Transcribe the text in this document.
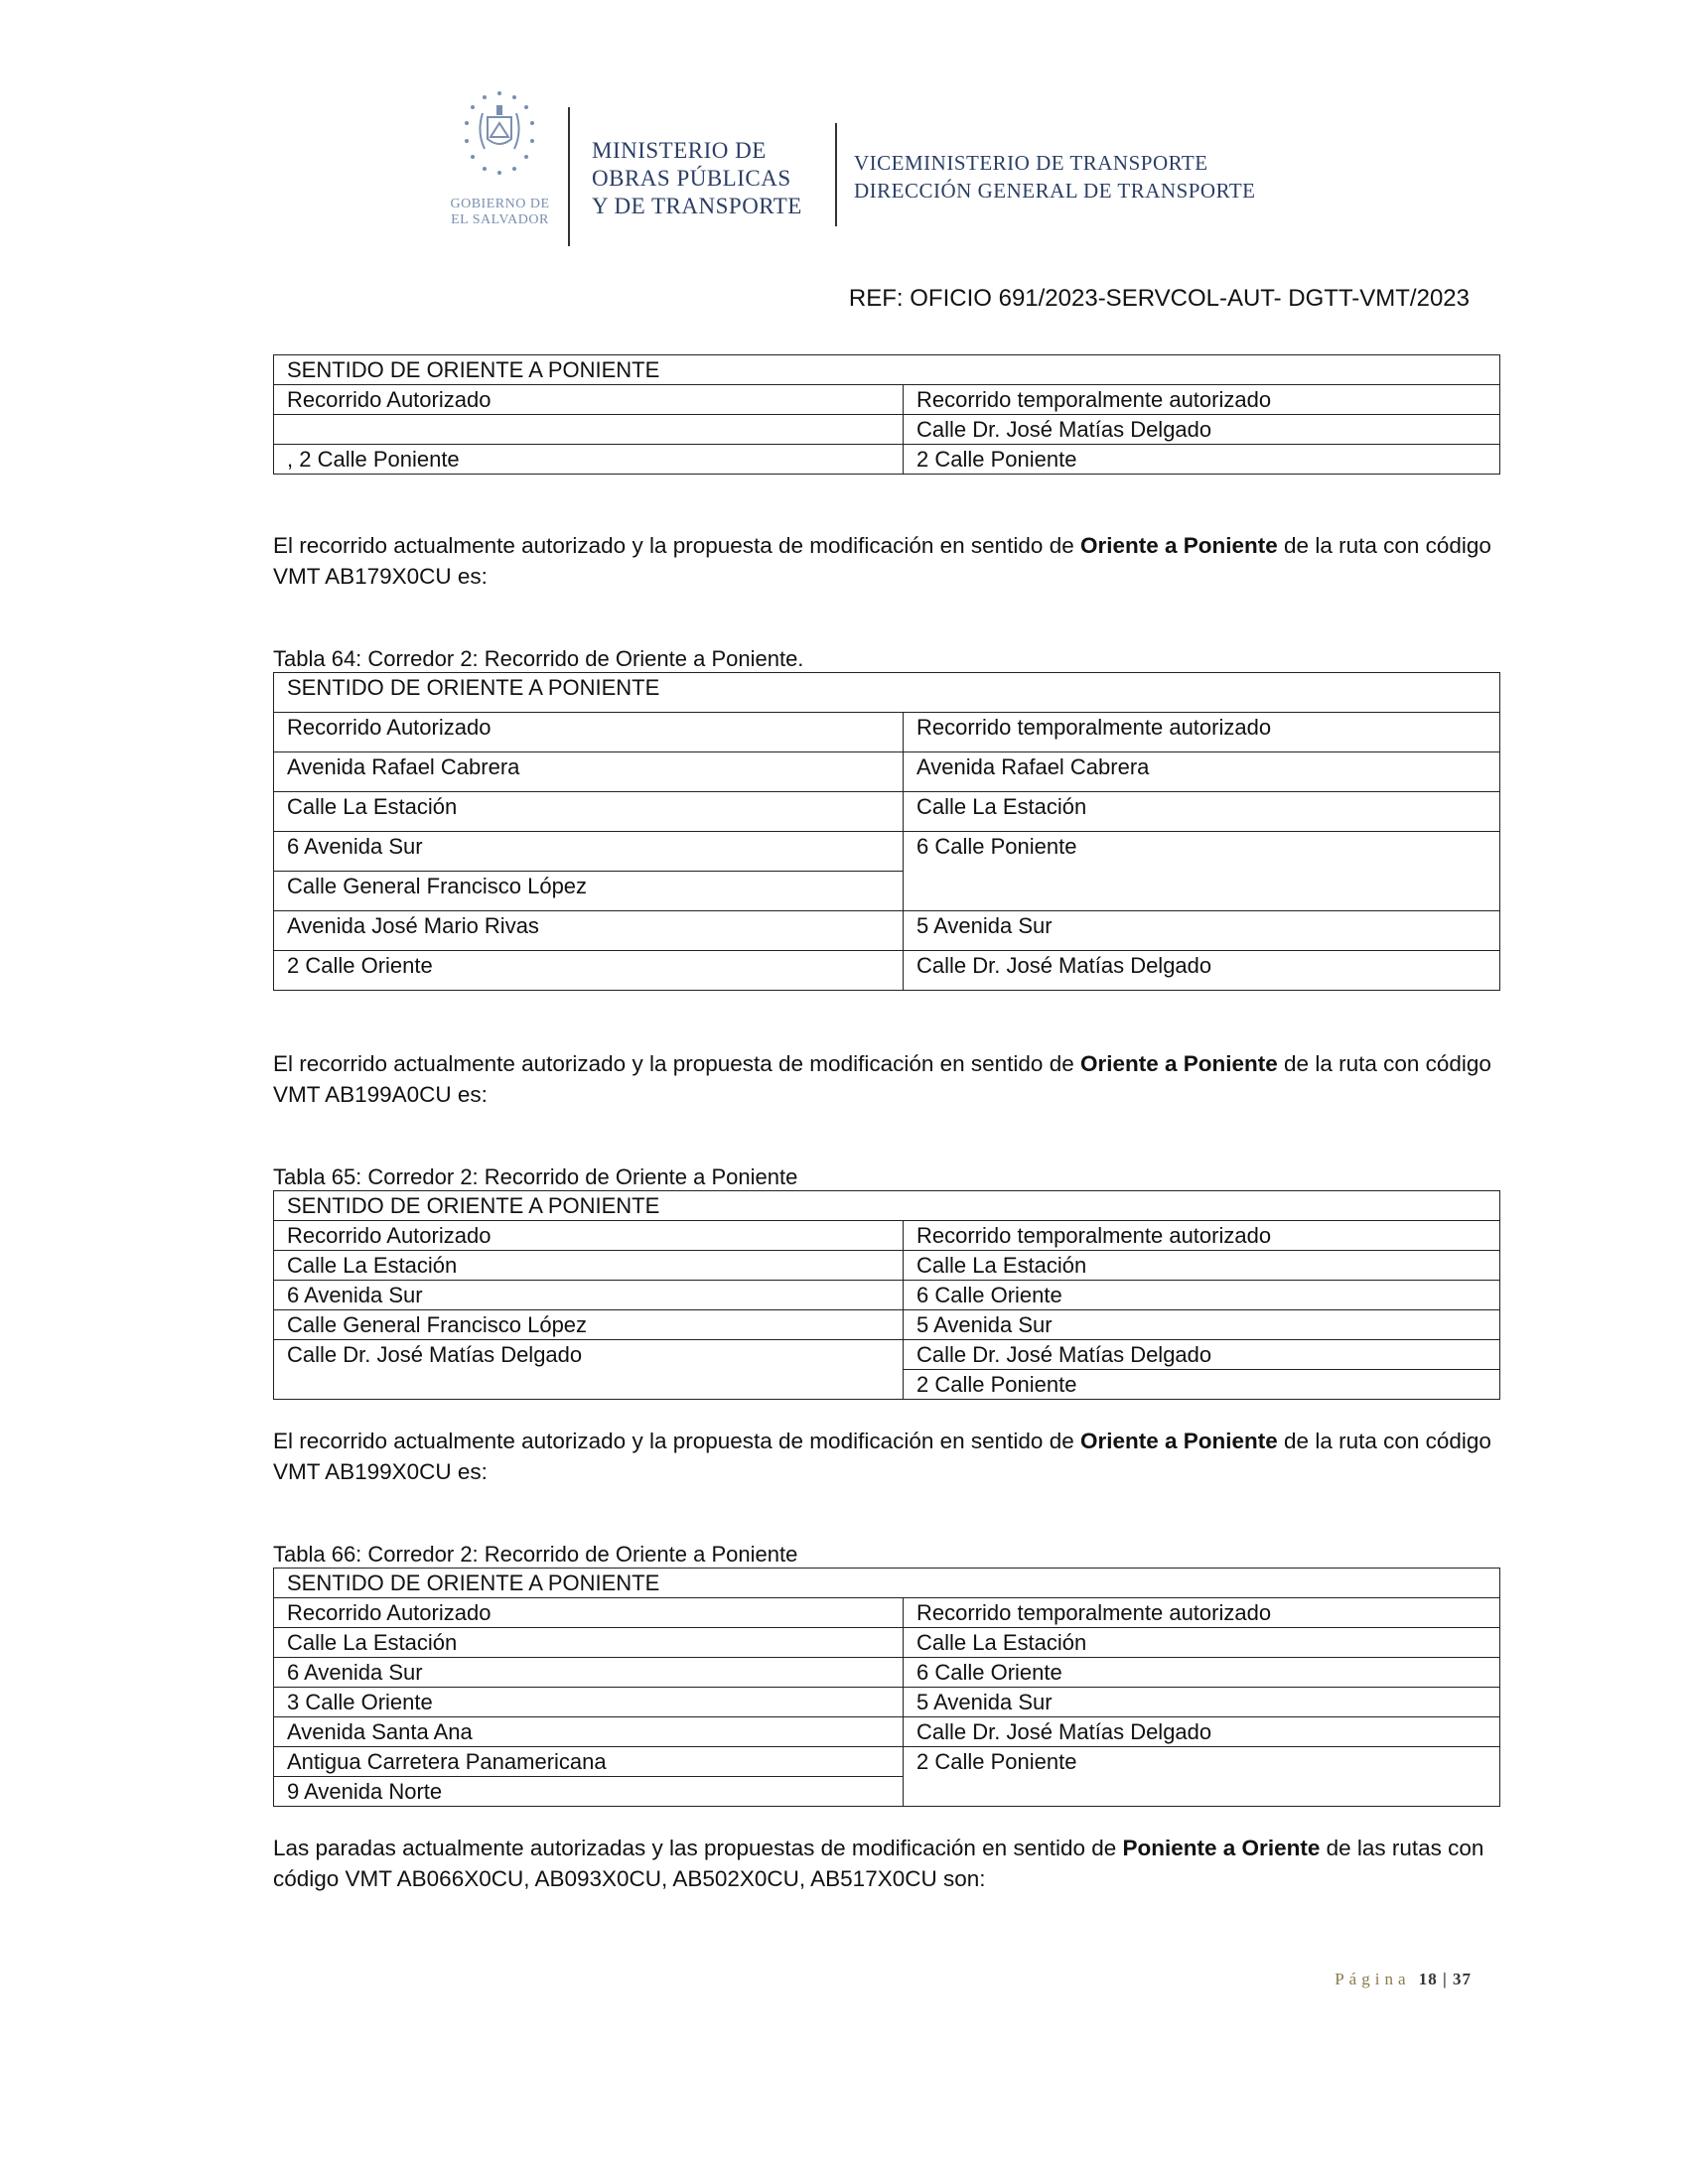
GOBIERNO DE
EL SALVADOR
MINISTERIO DE
OBRAS PÚBLICAS
Y DE TRANSPORTE
VICEMINISTERIO DE TRANSPORTE
DIRECCIÓN GENERAL DE TRANSPORTE
REF: OFICIO 691/2023-SERVCOL-AUT- DGTT-VMT/2023
SENTIDO DE ORIENTE A PONIENTE	
Recorrido Autorizado	Recorrido temporalmente autorizado
	Calle Dr. José Matías Delgado
, 2 Calle Poniente	2 Calle Poniente

El recorrido actualmente autorizado y la propuesta de modificación en sentido de Oriente a Poniente de la ruta con código VMT AB179X0CU es:

Tabla 64: Corredor 2: Recorrido de Oriente a Poniente.

SENTIDO DE ORIENTE A PONIENTE	
Recorrido Autorizado	Recorrido temporalmente autorizado
Avenida Rafael Cabrera	Avenida Rafael Cabrera
Calle La Estación	Calle La Estación
6 Avenida Sur	6 Calle Poniente
Calle General Francisco López	
Avenida José Mario Rivas	5 Avenida Sur
2 Calle Oriente	Calle Dr. José Matías Delgado

El recorrido actualmente autorizado y la propuesta de modificación en sentido de Oriente a Poniente de la ruta con código VMT AB199A0CU es:

Tabla 65: Corredor 2: Recorrido de Oriente a Poniente

SENTIDO DE ORIENTE A PONIENTE	
Recorrido Autorizado	Recorrido temporalmente autorizado
Calle La Estación	Calle La Estación
6 Avenida Sur	6 Calle Oriente
Calle General Francisco López	5 Avenida Sur
Calle Dr. José Matías Delgado	Calle Dr. José Matías Delgado
	2 Calle Poniente

El recorrido actualmente autorizado y la propuesta de modificación en sentido de Oriente a Poniente de la ruta con código VMT AB199X0CU es:

Tabla 66: Corredor 2: Recorrido de Oriente a Poniente

SENTIDO DE ORIENTE A PONIENTE	
Recorrido Autorizado	Recorrido temporalmente autorizado
Calle La Estación	Calle La Estación
6 Avenida Sur	6 Calle Oriente
3 Calle Oriente	5 Avenida Sur
Avenida Santa Ana	Calle Dr. José Matías Delgado
Antigua Carretera Panamericana	2 Calle Poniente
9 Avenida Norte	

Las paradas actualmente autorizadas y las propuestas de modificación en sentido de Poniente a Oriente de las rutas con código VMT AB066X0CU, AB093X0CU, AB502X0CU, AB517X0CU son:

Página 18 | 37
